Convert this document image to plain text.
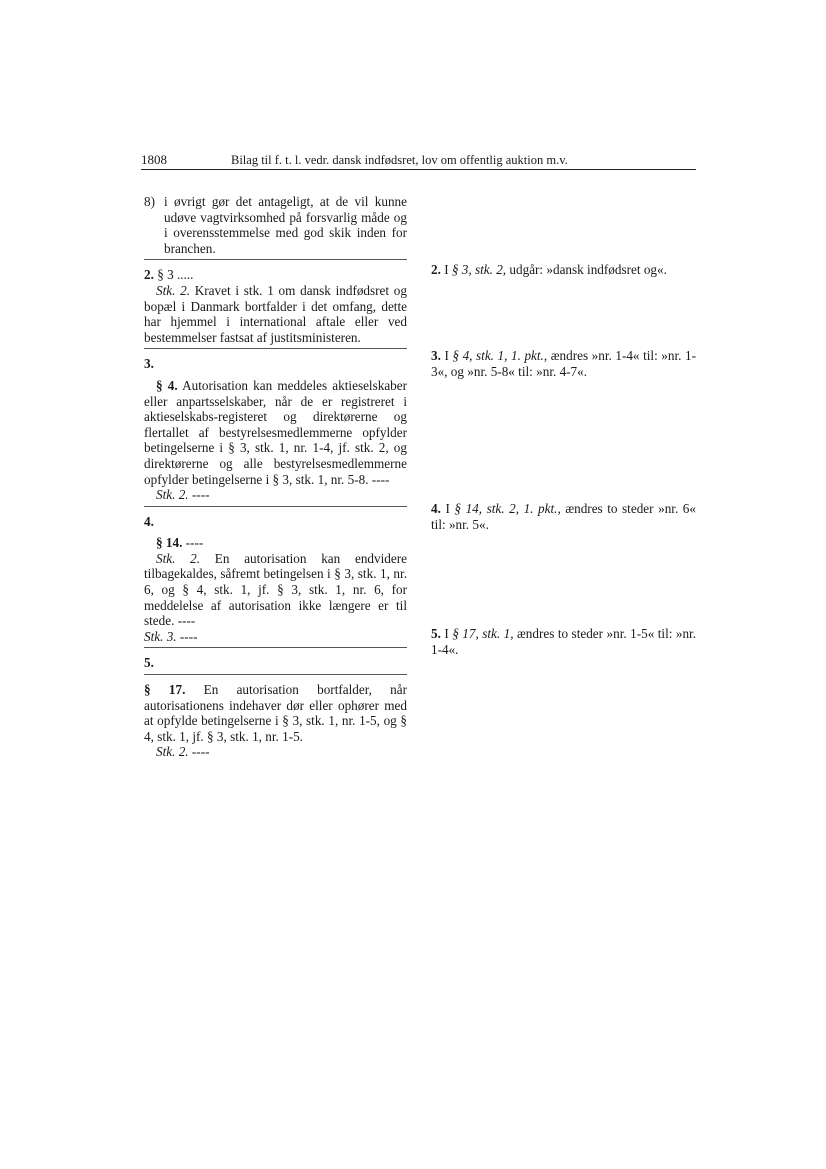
1808	Bilag til f. t. l. vedr. dansk indfødsret, lov om offentlig auktion m.v.
8) i øvrigt gør det antageligt, at de vil kunne udøve vagtvirksomhed på forsvarlig måde og i overensstemmelse med god skik inden for branchen.

2. § 3 .....

Stk. 2. Kravet i stk. 1 om dansk indfødsret og bopæl i Danmark bortfalder i det omfang, dette har hjemmel i international aftale eller ved bestemmelser fastsat af justitsministeren.

3.

§ 4. Autorisation kan meddeles aktieselskaber eller anpartsselskaber, når de er registreret i aktieselskabs-registeret og direktørerne og flertallet af bestyrelsesmedlemmerne opfylder betingelserne i § 3, stk. 1, nr. 1-4, jf. stk. 2, og direktørerne og alle bestyrelsesmedlemmerne opfylder betingelserne i § 3, stk. 1, nr. 5-8. ----

Stk. 2. ----

4.

§ 14. ----

Stk. 2. En autorisation kan endvidere tilbagekaldes, såfremt betingelsen i § 3, stk. 1, nr. 6, og § 4, stk. 1, jf. § 3, stk. 1, nr. 6, for meddelelse af autorisation ikke længere er til stede. ----

Stk. 3. ----

5.

§ 17. En autorisation bortfalder, når autorisationens indehaver dør eller ophører med at opfylde betingelserne i § 3, stk. 1, nr. 1-5, og § 4, stk. 1, jf. § 3, stk. 1, nr. 1-5.

Stk. 2. ----

2. I § 3, stk. 2, udgår: »dansk indfødsret og«.
3. I § 4, stk. 1, 1. pkt., ændres »nr. 1-4« til: »nr. 1-3«, og »nr. 5-8« til: »nr. 4-7«.
4. I § 14, stk. 2, 1. pkt., ændres to steder »nr. 6« til: »nr. 5«.
5. I § 17, stk. 1, ændres to steder »nr. 1-5« til: »nr. 1-4«.
